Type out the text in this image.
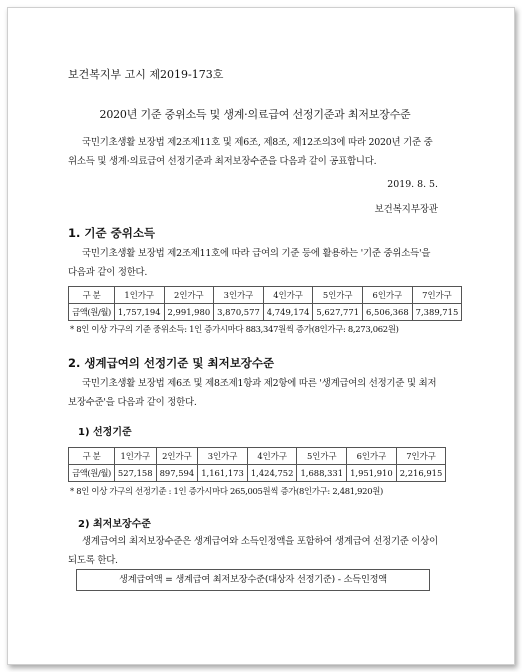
보건복지부 고시 제2019-173호
2020년 기준 중위소득 및 생계·의료급여 선정기준과 최저보장수준
국민기초생활 보장법 제2조제11호 및 제6조, 제8조, 제12조의3에 따라 2020년 기준 중위소득 및 생계·의료급여 선정기준과 최저보장수준을 다음과 같이 공표합니다.
2019. 8. 5.
보건복지부장관
1. 기준 중위소득
국민기초생활 보장법 제2조제11호에 따라 급여의 기준 등에 활용하는 '기준 중위소득'을 다음과 같이 정한다.
구 분	1인가구	2인가구	3인가구	4인가구	5인가구	6인가구	7인가구
금액(원/월)	1,757,194	2,991,980	3,870,577	4,749,174	5,627,771	6,506,368	7,389,715
* 8인 이상 가구의 기준 중위소득: 1인 증가시마다 883,347원씩 증가(8인가구: 8,273,062원)
2. 생계급여의 선정기준 및 최저보장수준
국민기초생활 보장법 제6조 및 제8조제1항과 제2항에 따른 '생계급여의 선정기준 및 최저보장수준'을 다음과 같이 정한다.
1) 선정기준
구 분	1인가구	2인가구	3인가구	4인가구	5인가구	6인가구	7인가구
금액(원/월)	527,158	897,594	1,161,173	1,424,752	1,688,331	1,951,910	2,216,915
* 8인 이상 가구의 선정기준 : 1인 증가시마다 265,005원씩 증가(8인가구: 2,481,920원)
2) 최저보장수준
생계급여의 최저보장수준은 생계급여와 소득인정액을 포함하여 생계급여 선정기준 이상이 되도록 한다.
생계급여액 = 생계급여 최저보장수준(대상자 선정기준) - 소득인정액
